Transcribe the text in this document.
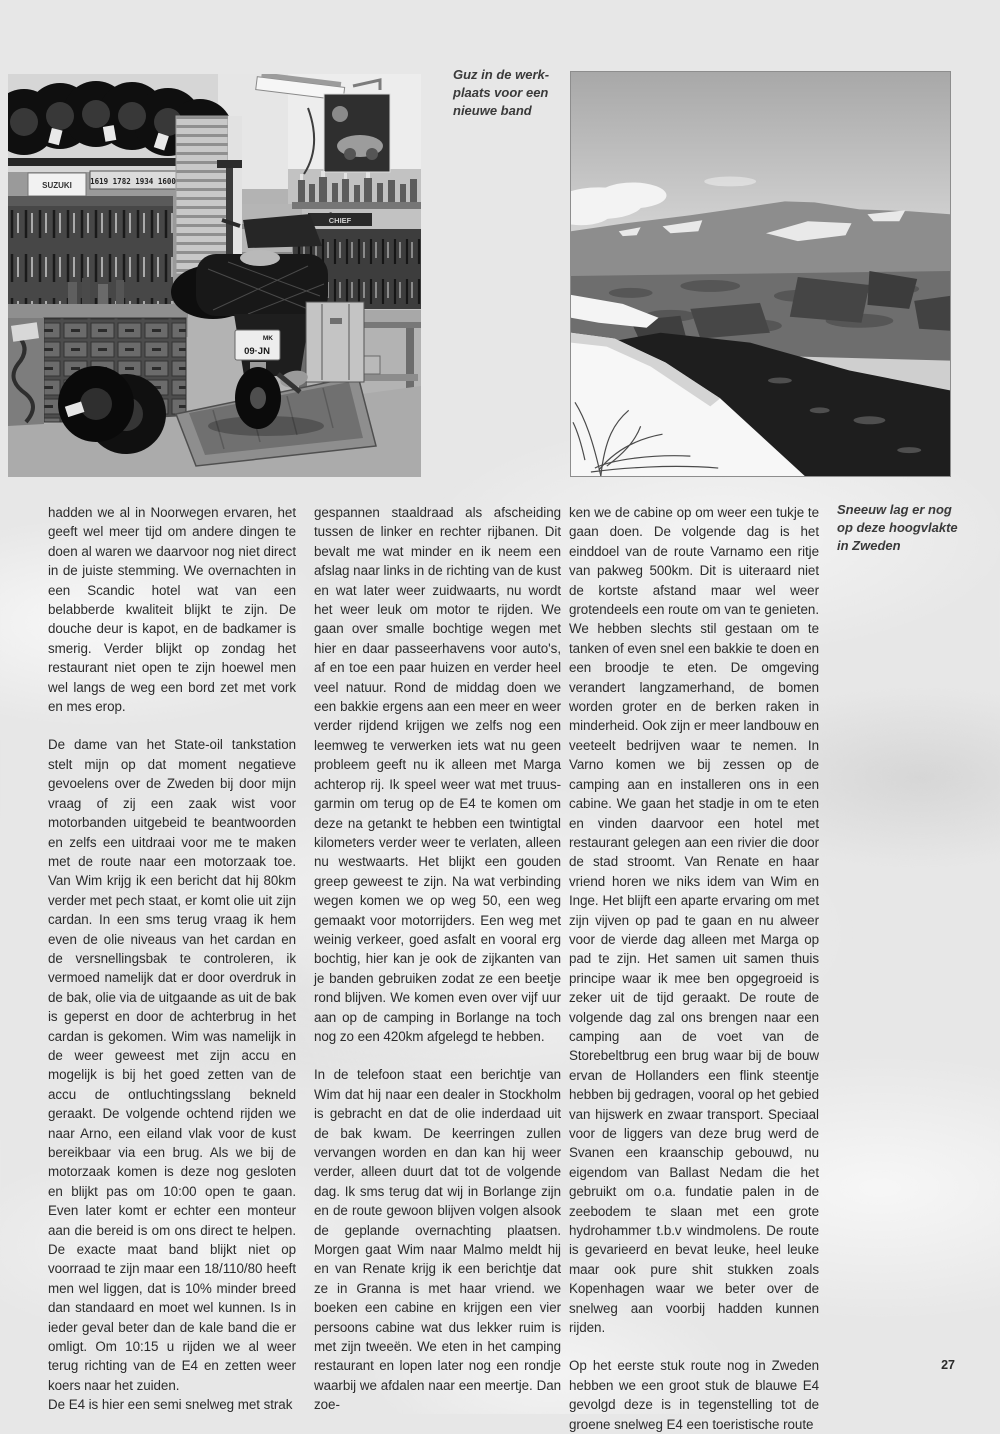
SUZUKI 1619 1782 1934 1600
CHIEF
MK
09·JN
Guz in de werk-
plaats voor een
nieuwe band
Sneeuw lag er nog
op deze hoogvlakte
in Zweden

hadden we al in Noorwegen ervaren, het geeft wel meer tijd om andere dingen te doen al waren we daarvoor nog niet direct in de juiste stemming. We overnachten in een Scandic hotel wat van een belabberde kwaliteit blijkt te zijn. De douche deur is kapot, en de badkamer is smerig. Verder blijkt op zondag het restaurant niet open te zijn hoewel men wel langs de weg een bord zet met vork en mes erop.

De dame van het State-oil tankstation stelt mijn op dat moment negatieve gevoelens over de Zweden bij door mijn vraag of zij een zaak wist voor motorbanden uitgebeid te beantwoorden en zelfs een uitdraai voor me te maken met de route naar een motorzaak toe. Van Wim krijg ik een bericht dat hij 80km verder met pech staat, er komt olie uit zijn cardan. In een sms terug vraag ik hem even de olie niveaus van het cardan en de versnellingsbak te controleren, ik vermoed namelijk dat er door overdruk in de bak, olie via de uitgaande as uit de bak is geperst en door de achterbrug in het cardan is gekomen. Wim was namelijk in de weer geweest met zijn accu en mogelijk is bij het goed zetten van de accu de ontluchtingsslang bekneld geraakt. De volgende ochtend rijden we naar Arno, een eiland vlak voor de kust bereikbaar via een brug. Als we bij de motorzaak komen is deze nog gesloten en blijkt pas om 10:00 open te gaan. Even later komt er echter een monteur aan die bereid is om ons direct te helpen. De exacte maat band blijkt niet op voorraad te zijn maar een 18/110/80 heeft men wel liggen, dat is 10% minder breed dan standaard en moet wel kunnen. Is in ieder geval beter dan de kale band die er omligt. Om 10:15 u rijden we al weer terug richting van de E4 en zetten weer koers naar het zuiden.

De E4 is hier een semi snelweg met strak

gespannen staaldraad als afscheiding tussen de linker en rechter rijbanen. Dit bevalt me wat minder en ik neem een afslag naar links in de richting van de kust en wat later weer zuidwaarts, nu wordt het weer leuk om motor te rijden. We gaan over smalle bochtige wegen met hier en daar passeerhavens voor auto's, af en toe een paar huizen en verder heel veel natuur. Rond de middag doen we een bakkie ergens aan een meer en weer verder rijdend krijgen we zelfs nog een leemweg te verwerken iets wat nu geen probleem geeft nu ik alleen met Marga achterop rij. Ik speel weer wat met truus-garmin om terug op de E4 te komen om deze na getankt te hebben een twintigtal kilometers verder weer te verlaten, alleen nu westwaarts. Het blijkt een gouden greep geweest te zijn. Na wat verbinding wegen komen we op weg 50, een weg gemaakt voor motorrijders. Een weg met weinig verkeer, goed asfalt en vooral erg bochtig, hier kan je ook de zijkanten van je banden gebruiken zodat ze een beetje rond blijven. We komen even over vijf uur aan op de camping in Borlange na toch nog zo een 420km afgelegd te hebben.

In de telefoon staat een berichtje van Wim dat hij naar een dealer in Stockholm is gebracht en dat de olie inderdaad uit de bak kwam. De keerringen zullen vervangen worden en dan kan hij weer verder, alleen duurt dat tot de volgende dag. Ik sms terug dat wij in Borlange zijn en de route gewoon blijven volgen alsook de geplande overnachting plaatsen. Morgen gaat Wim naar Malmo meldt hij en van Renate krijg ik een berichtje dat ze in Granna is met haar vriend. we boeken een cabine en krijgen een vier persoons cabine wat dus lekker ruim is met zijn tweeën. We eten in het camping restaurant en lopen later nog een rondje waarbij we afdalen naar een meertje. Dan zoe-

ken we de cabine op om weer een tukje te gaan doen. De volgende dag is het einddoel van de route Varnamo een ritje van pakweg 500km. Dit is uiteraard niet de kortste afstand maar wel weer grotendeels een route om van te genieten. We hebben slechts stil gestaan om te tanken of even snel een bakkie te doen en een broodje te eten. De omgeving verandert langzamerhand, de bomen worden groter en de berken raken in minderheid. Ook zijn er meer landbouw en veeteelt bedrijven waar te nemen. In Varno komen we bij zessen op de camping aan en installeren ons in een cabine. We gaan het stadje in om te eten en vinden daarvoor een hotel met restaurant gelegen aan een rivier die door de stad stroomt. Van Renate en haar vriend horen we niks idem van Wim en Inge. Het blijft een aparte ervaring om met zijn vijven op pad te gaan en nu alweer voor de vierde dag alleen met Marga op pad te zijn. Het samen uit samen thuis principe waar ik mee ben opgegroeid is zeker uit de tijd geraakt. De route de volgende dag zal ons brengen naar een camping aan de voet van de Storebeltbrug een brug waar bij de bouw ervan de Hollanders een flink steentje hebben bij gedragen, vooral op het gebied van hijswerk en zwaar transport. Speciaal voor de liggers van deze brug werd de Svanen een kraanschip gebouwd, nu eigendom van Ballast Nedam die het gebruikt om o.a. fundatie palen in de zeebodem te slaan met een grote hydrohammer t.b.v windmolens. De route is gevarieerd en bevat leuke, heel leuke maar ook pure shit stukken zoals Kopenhagen waar we beter over de snelweg aan voorbij hadden kunnen rijden.

Op het eerste stuk route nog in Zweden hebben we een groot stuk de blauwe E4 gevolgd deze is in tegenstelling tot de groene snelweg E4 een toeristische route

27
